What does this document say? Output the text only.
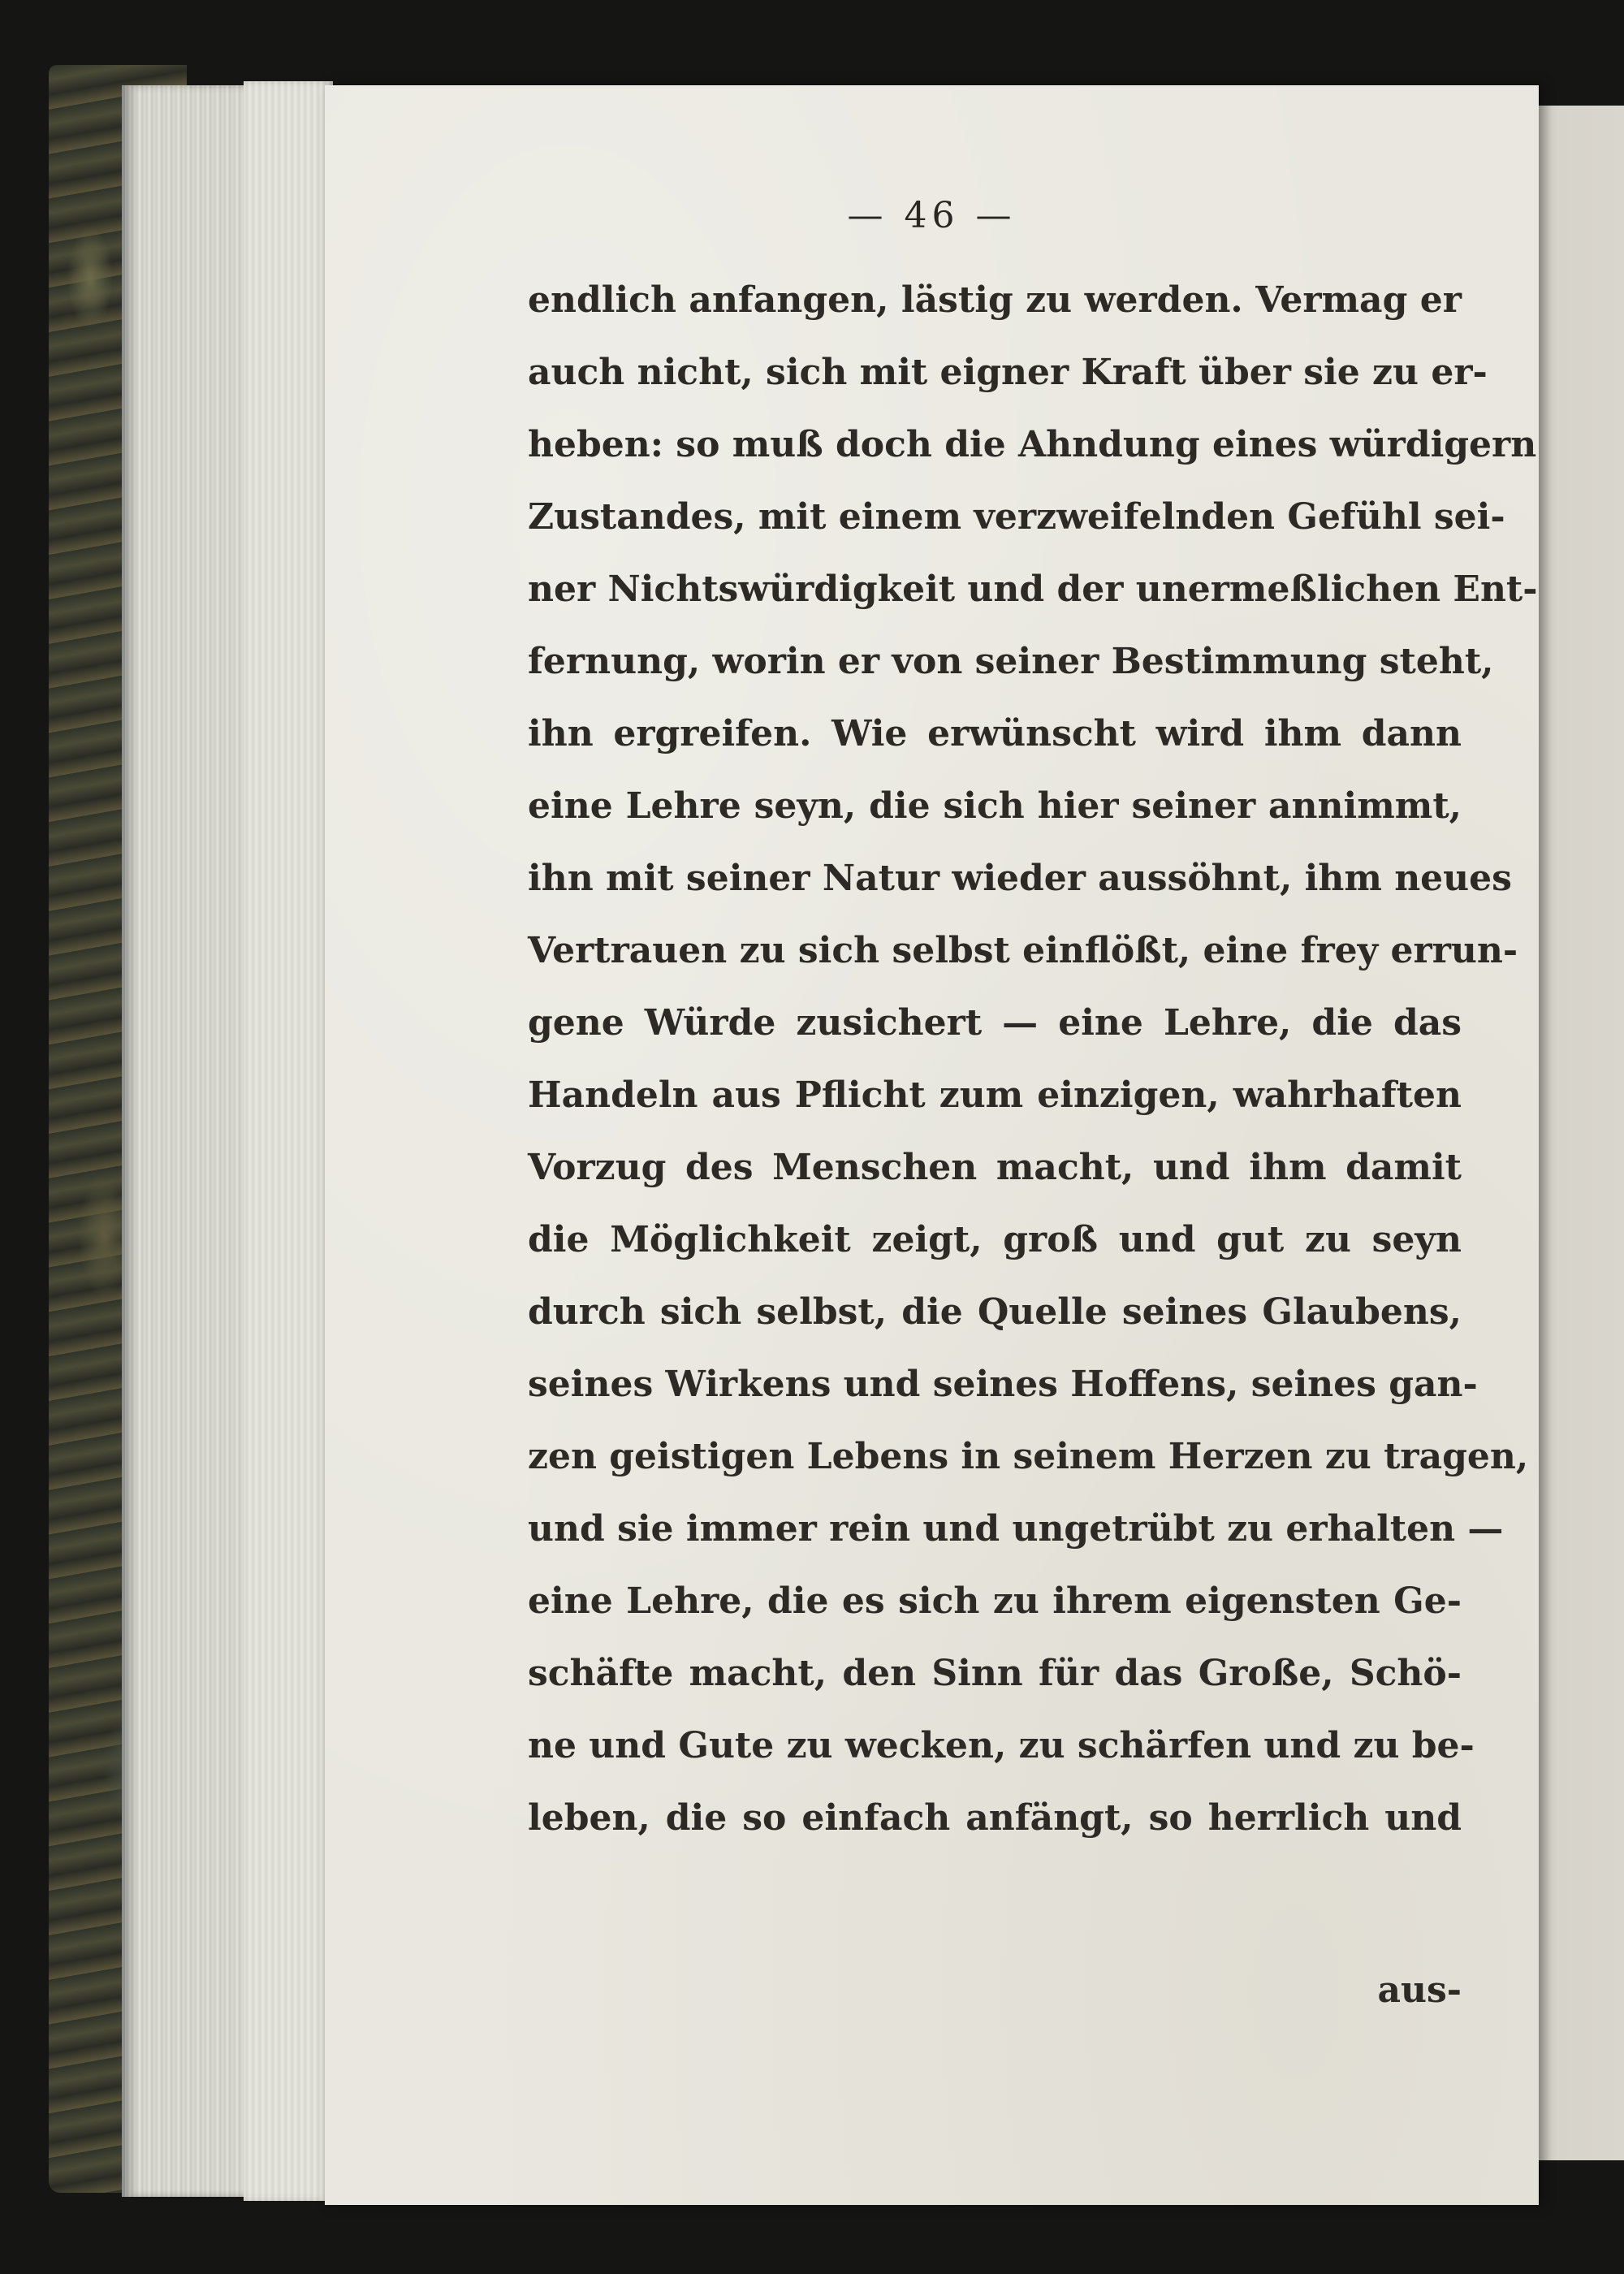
— 46 —
endlich anfangen, lästig zu werden. Vermag er
auch nicht, sich mit eigner Kraft über sie zu er-
heben: so muß doch die Ahndung eines würdigern
Zustandes, mit einem verzweifelnden Gefühl sei-
ner Nichtswürdigkeit und der unermeßlichen Ent-
fernung, worin er von seiner Bestimmung steht,
ihn ergreifen. Wie erwünscht wird ihm dann
eine Lehre seyn, die sich hier seiner annimmt,
ihn mit seiner Natur wieder aussöhnt, ihm neues
Vertrauen zu sich selbst einflößt, eine frey errun-
gene Würde zusichert — eine Lehre, die das
Handeln aus Pflicht zum einzigen, wahrhaften
Vorzug des Menschen macht, und ihm damit
die Möglichkeit zeigt, groß und gut zu seyn
durch sich selbst, die Quelle seines Glaubens,
seines Wirkens und seines Hoffens, seines gan-
zen geistigen Lebens in seinem Herzen zu tragen,
und sie immer rein und ungetrübt zu erhalten —
eine Lehre, die es sich zu ihrem eigensten Ge-
schäfte macht, den Sinn für das Große, Schö-
ne und Gute zu wecken, zu schärfen und zu be-
leben, die so einfach anfängt, so herrlich und
aus-
